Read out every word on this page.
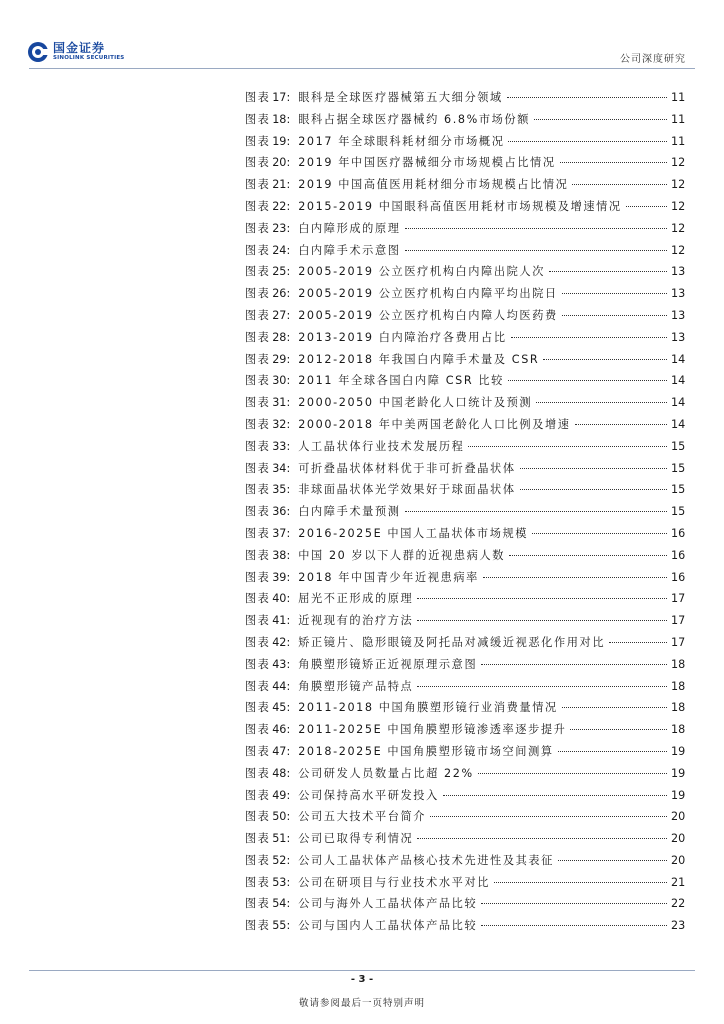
国金证券
SINOLINK SECURITIES	公司深度研究
图表 17 : 眼科是全球医疗器械第五大细分领域	11
图表 18 : 眼科占据全球医疗器械约 6.8%市场份额	11
图表 19 : 2017 年全球眼科耗材细分市场概况	11
图表 20 : 2019 年中国医疗器械细分市场规模占比情况	12
图表 21 : 2019 中国高值医用耗材细分市场规模占比情况	12
图表 22 : 2015-2019 中国眼科高值医用耗材市场规模及增速情况	12
图表 23 : 白内障形成的原理	12
图表 24 : 白内障手术示意图	12
图表 25 : 2005-2019 公立医疗机构白内障出院人次	13
图表 26 : 2005-2019 公立医疗机构白内障平均出院日	13
图表 27 : 2005-2019 公立医疗机构白内障人均医药费	13
图表 28 : 2013-2019 白内障治疗各费用占比	13
图表 29 : 2012-2018 年我国白内障手术量及 CSR	14
图表 30 : 2011 年全球各国白内障 CSR 比较	14
图表 31 : 2000-2050 中国老龄化人口统计及预测	14
图表 32 : 2000-2018 年中美两国老龄化人口比例及增速	14
图表 33 : 人工晶状体行业技术发展历程	15
图表 34 : 可折叠晶状体材料优于非可折叠晶状体	15
图表 35 : 非球面晶状体光学效果好于球面晶状体	15
图表 36 : 白内障手术量预测	15
图表 37 : 2016-2025E 中国人工晶状体市场规模	16
图表 38 : 中国 20 岁以下人群的近视患病人数	16
图表 39 : 2018 年中国青少年近视患病率	16
图表 40 : 屈光不正形成的原理	17
图表 41 : 近视现有的治疗方法	17
图表 42 : 矫正镜片、隐形眼镜及阿托品对减缓近视恶化作用对比	17
图表 43 : 角膜塑形镜矫正近视原理示意图	18
图表 44 : 角膜塑形镜产品特点	18
图表 45 : 2011-2018 中国角膜塑形镜行业消费量情况	18
图表 46 : 2011-2025E 中国角膜塑形镜渗透率逐步提升	18
图表 47 : 2018-2025E 中国角膜塑形镜市场空间测算	19
图表 48 : 公司研发人员数量占比超 22%	19
图表 49 : 公司保持高水平研发投入	19
图表 50 : 公司五大技术平台简介	20
图表 51 : 公司已取得专利情况	20
图表 52 : 公司人工晶状体产品核心技术先进性及其表征	20
图表 53 : 公司在研项目与行业技术水平对比	21
图表 54 : 公司与海外人工晶状体产品比较	22
图表 55 : 公司与国内人工晶状体产品比较	23
- 3 -
敬请参阅最后一页特别声明
